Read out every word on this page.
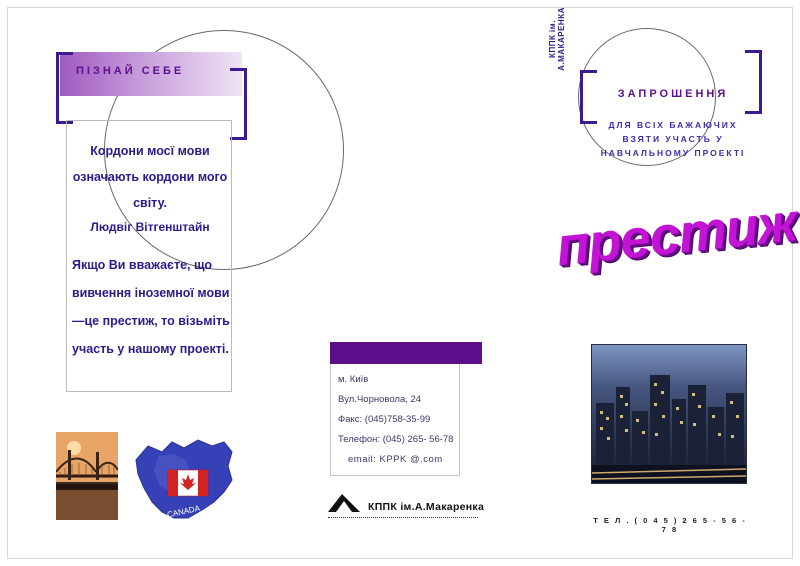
ПІЗНАЙ СЕБЕ
Кордони мосї мови означають кордони мого світу.
Людвіг Вітгенштайн
Якщо Ви вважаєте, що вивчення іноземної мови—це престиж, то візьміть участь у нашому проекті.
CANADA
м. Київ
Вул.Чорновола, 24
Факс: (045)758-35-99
Телефон: (045) 265- 56-78
email: KPPK @.com
КППК ім.А.Макаренка
КППК ім. А.МАКАРЕНКА
ЗАПРОШЕННЯ
ДЛЯ ВСІХ БАЖАЮЧИХ ВЗЯТИ УЧАСТЬ У НАВЧАЛЬНОМУ ПРОЕКТІ
престиж
Т Е Л . ( 0 4 5 ) 2 6 5 - 5 6 - 7 8
